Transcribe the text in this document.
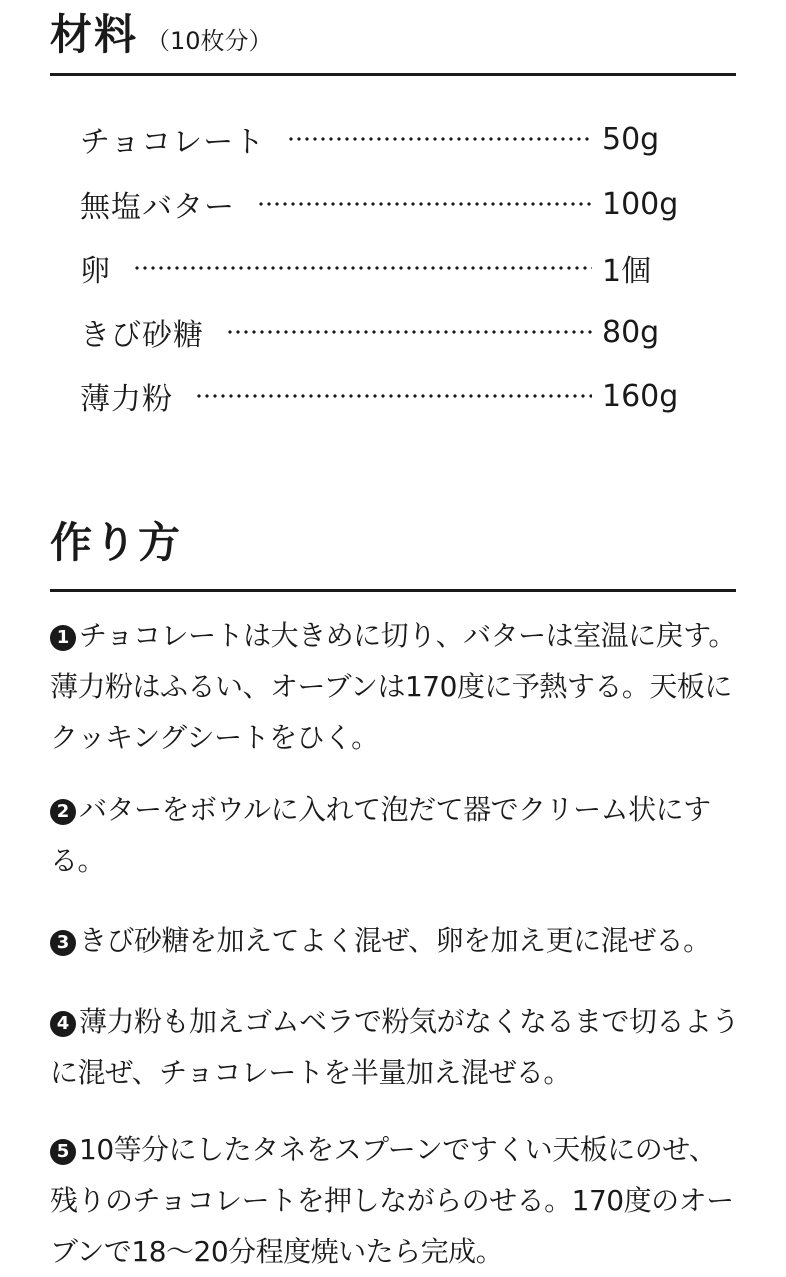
材料 （10枚分）
チョコレート	50g
無塩バター	100g
卵	1個
きび砂糖	80g
薄力粉	160g
作り方

1 チョコレートは大きめに切り、バターは室温に戻す。薄力粉はふるい、オーブンは170度に予熱する。天板にクッキングシートをひく。

2 バターをボウルに入れて泡だて器でクリーム状にする。

3 きび砂糖を加えてよく混ぜ、卵を加え更に混ぜる。

4 薄力粉も加えゴムベラで粉気がなくなるまで切るように混ぜ、チョコレートを半量加え混ぜる。

5 10等分にしたタネをスプーンですくい天板にのせ、残りのチョコレートを押しながらのせる。170度のオーブンで18〜20分程度焼いたら完成。
